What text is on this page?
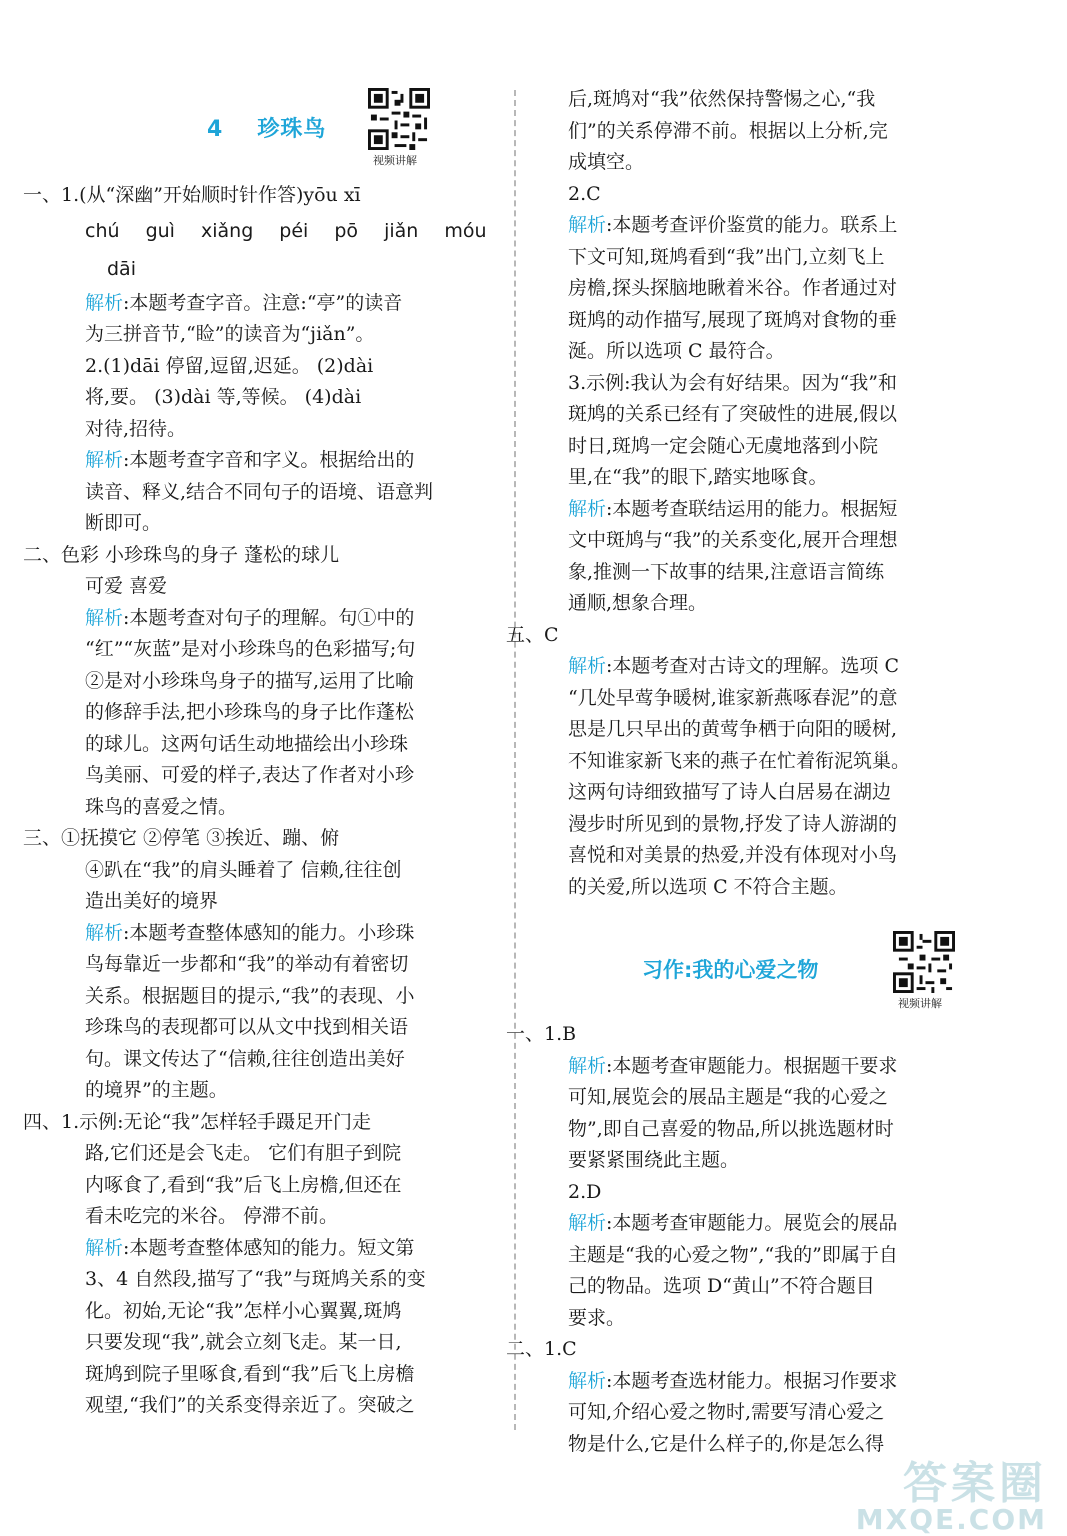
4 珍珠鸟
视频讲解
一、1.(从“深幽”开始顺时针作答)yōu xī
chú guì xiǎng péi pō jiǎn móu
dāi
解析:本题考查字音。注意:“亭”的读音
为三拼音节,“睑”的读音为“jiǎn”。
2.(1)dāi 停留,逗留,迟延。 (2)dài
将,要。 (3)dài 等,等候。 (4)dài
对待,招待。
解析:本题考查字音和字义。根据给出的
读音、释义,结合不同句子的语境、语意判
断即可。
二、色彩 小珍珠鸟的身子 蓬松的球儿
可爱 喜爱
解析:本题考查对句子的理解。句①中的
“红”“灰蓝”是对小珍珠鸟的色彩描写;句
②是对小珍珠鸟身子的描写,运用了比喻
的修辞手法,把小珍珠鸟的身子比作蓬松
的球儿。这两句话生动地描绘出小珍珠
鸟美丽、可爱的样子,表达了作者对小珍
珠鸟的喜爱之情。
三、①抚摸它 ②停笔 ③挨近、蹦、俯
④趴在“我”的肩头睡着了 信赖,往往创
造出美好的境界
解析:本题考查整体感知的能力。小珍珠
鸟每靠近一步都和“我”的举动有着密切
关系。根据题目的提示,“我”的表现、小
珍珠鸟的表现都可以从文中找到相关语
句。课文传达了“信赖,往往创造出美好
的境界”的主题。
四、1.示例:无论“我”怎样轻手蹑足开门走
路,它们还是会飞走。 它们有胆子到院
内啄食了,看到“我”后飞上房檐,但还在
看未吃完的米谷。 停滞不前。
解析:本题考查整体感知的能力。短文第
3、4 自然段,描写了“我”与斑鸠关系的变
化。初始,无论“我”怎样小心翼翼,斑鸠
只要发现“我”,就会立刻飞走。某一日,
斑鸠到院子里啄食,看到“我”后飞上房檐
观望,“我们”的关系变得亲近了。突破之
后,斑鸠对“我”依然保持警惕之心,“我
们”的关系停滞不前。根据以上分析,完
成填空。
2.C
解析:本题考查评价鉴赏的能力。联系上
下文可知,斑鸠看到“我”出门,立刻飞上
房檐,探头探脑地瞅着米谷。作者通过对
斑鸠的动作描写,展现了斑鸠对食物的垂
涎。所以选项 C 最符合。
3.示例:我认为会有好结果。因为“我”和
斑鸠的关系已经有了突破性的进展,假以
时日,斑鸠一定会随心无虞地落到小院
里,在“我”的眼下,踏实地啄食。
解析:本题考查联结运用的能力。根据短
文中斑鸠与“我”的关系变化,展开合理想
象,推测一下故事的结果,注意语言简练
通顺,想象合理。
五、C
解析:本题考查对古诗文的理解。选项 C
“几处早莺争暖树,谁家新燕啄春泥”的意
思是几只早出的黄莺争栖于向阳的暖树,
不知谁家新飞来的燕子在忙着衔泥筑巢。
这两句诗细致描写了诗人白居易在湖边
漫步时所见到的景物,抒发了诗人游湖的
喜悦和对美景的热爱,并没有体现对小鸟
的关爱,所以选项 C 不符合主题。
习作:我的心爱之物
视频讲解
一、1.B
解析:本题考查审题能力。根据题干要求
可知,展览会的展品主题是“我的心爱之
物”,即自己喜爱的物品,所以挑选题材时
要紧紧围绕此主题。
2.D
解析:本题考查审题能力。展览会的展品
主题是“我的心爱之物”,“我的”即属于自
己的物品。选项 D“黄山”不符合题目
要求。
二、1.C
解析:本题考查选材能力。根据习作要求
可知,介绍心爱之物时,需要写清心爱之
物是什么,它是什么样子的,你是怎么得
答案圈
MXQE.COM
